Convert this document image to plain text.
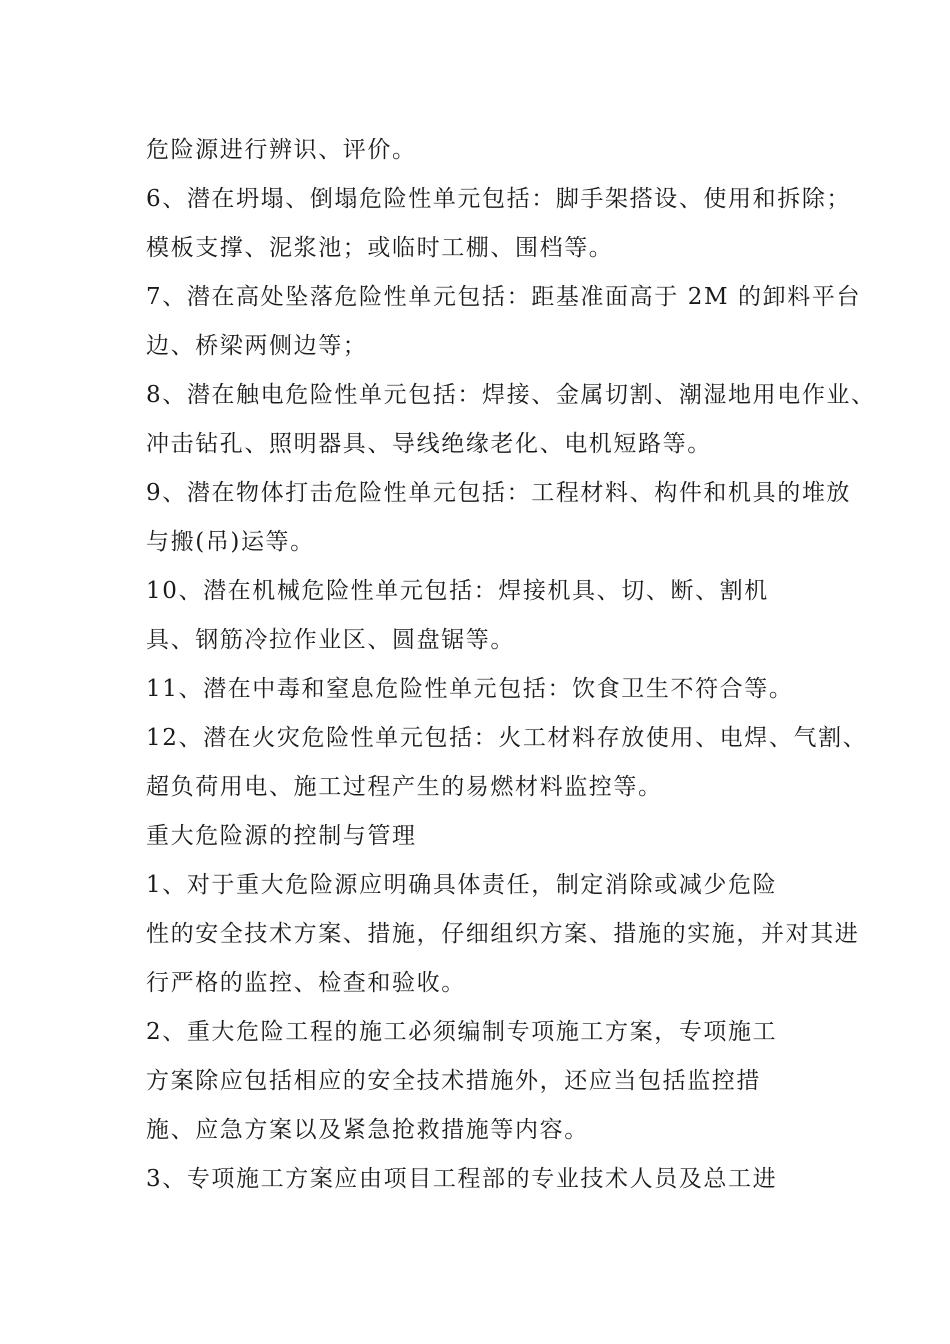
危险源进行辨识、评价。
6、潜在坍塌、倒塌危险性单元包括：脚手架搭设、使用和拆除；
模板支撑、泥浆池；或临时工棚、围档等。
7、潜在高处坠落危险性单元包括：距基准面高于 2M 的卸料平台
边、桥梁两侧边等；
8、潜在触电危险性单元包括：焊接、金属切割、潮湿地用电作业、
冲击钻孔、照明器具、导线绝缘老化、电机短路等。
9、潜在物体打击危险性单元包括：工程材料、构件和机具的堆放
与搬(吊)运等。
10、潜在机械危险性单元包括：焊接机具、切、断、割机
具、钢筋冷拉作业区、圆盘锯等。
11、潜在中毒和窒息危险性单元包括：饮食卫生不符合等。
12、潜在火灾危险性单元包括：火工材料存放使用、电焊、气割、
超负荷用电、施工过程产生的易燃材料监控等。
重大危险源的控制与管理
1、对于重大危险源应明确具体责任，制定消除或减少危险
性的安全技术方案、措施，仔细组织方案、措施的实施，并对其进
行严格的监控、检查和验收。
2、重大危险工程的施工必须编制专项施工方案，专项施工
方案除应包括相应的安全技术措施外，还应当包括监控措
施、应急方案以及紧急抢救措施等内容。
3、专项施工方案应由项目工程部的专业技术人员及总工进
